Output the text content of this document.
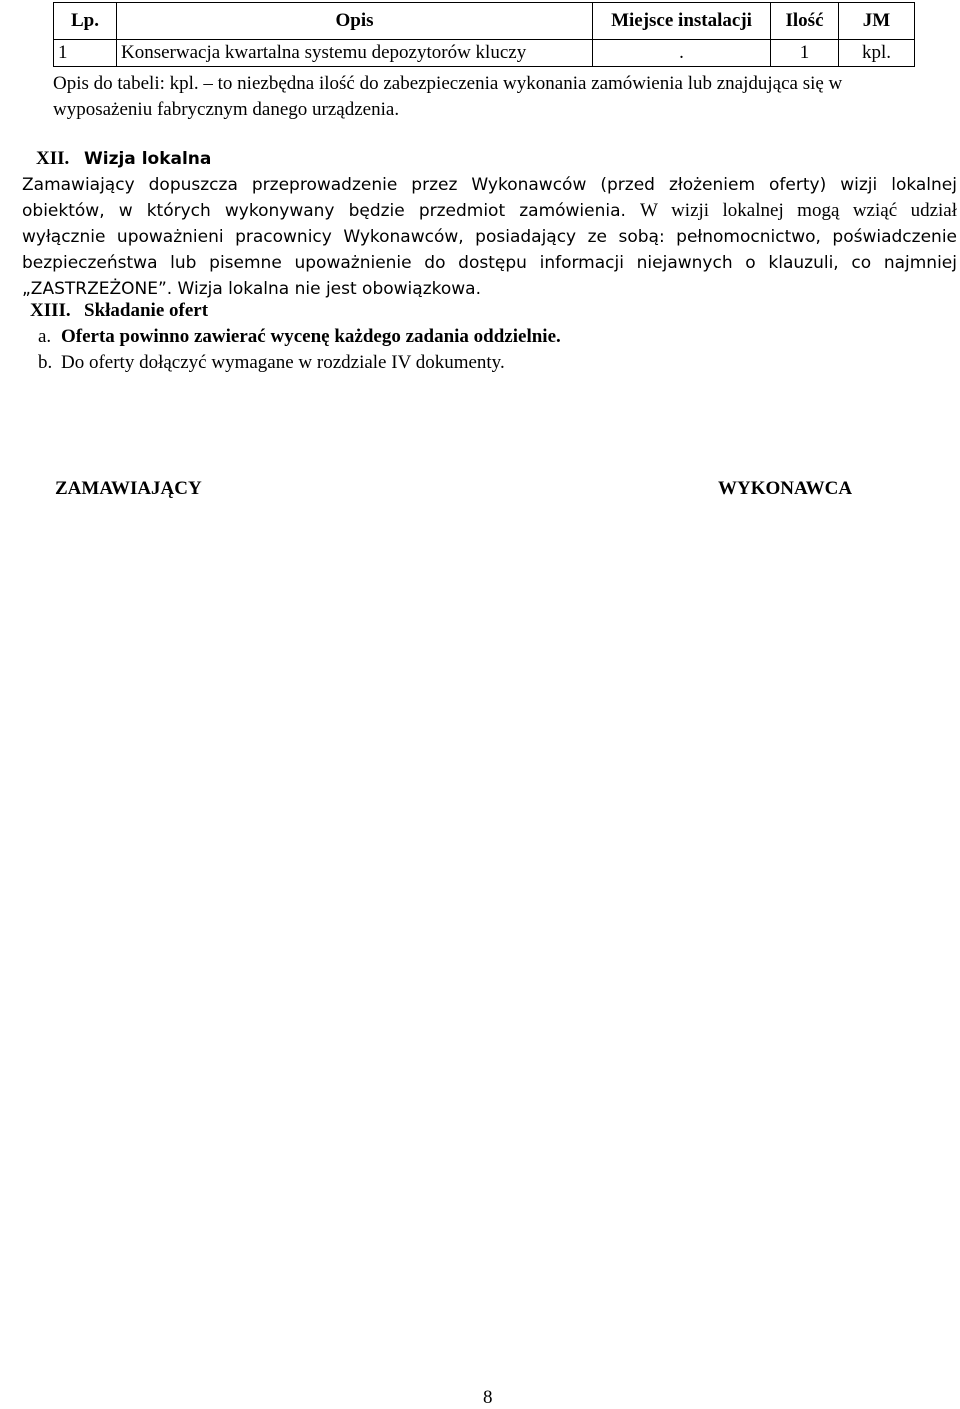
Lp.	Opis	Miejsce instalacji	Ilość	JM
1	Konserwacja kwartalna systemu depozytorów kluczy	.	1	kpl.
Opis do tabeli: kpl. – to niezbędna ilość do zabezpieczenia wykonania zamówienia lub znajdująca się w
wyposażeniu fabrycznym danego urządzenia.
XII. Wizja lokalna
Zamawiający dopuszcza przeprowadzenie przez Wykonawców (przed złożeniem oferty) wizji lokalnej
obiektów, w których wykonywany będzie przedmiot zamówienia. W wizji lokalnej mogą wziąć udział
wyłącznie upoważnieni pracownicy Wykonawców, posiadający ze sobą: pełnomocnictwo, poświadczenie
bezpieczeństwa lub pisemne upoważnienie do dostępu informacji niejawnych o klauzuli, co najmniej
„ZASTRZEŻONE”. Wizja lokalna nie jest obowiązkowa.
XIII. Składanie ofert
a. Oferta powinno zawierać wycenę każdego zadania oddzielnie.
b. Do oferty dołączyć wymagane w rozdziale IV dokumenty.
ZAMAWIAJĄCY	WYKONAWCA
8
